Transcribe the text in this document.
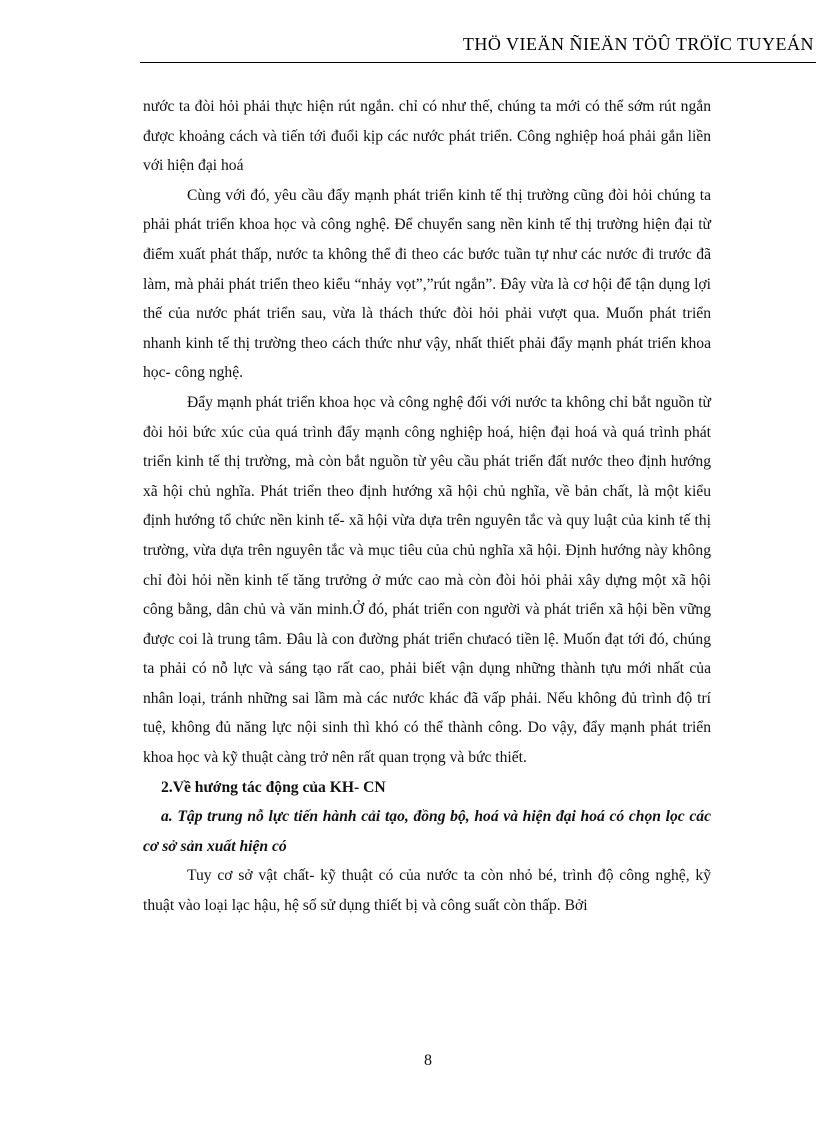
THÖ VIEÄN ÑIEÄN TÖÛ TRÖÏC TUYEÁN

nước ta đòi hỏi phải thực hiện rút ngắn. chỉ có như thế, chúng ta mới có thể sớm rút ngắn được khoảng cách và tiến tới đuổi kịp các nước phát triển. Công nghiệp hoá phải gắn liền với hiện đại hoá

Cùng với đó, yêu cầu đẩy mạnh phát triển kinh tế thị trường cũng đòi hỏi chúng ta phải phát triển khoa học và công nghệ. Để chuyển sang nền kinh tế thị trường hiện đại từ điểm xuất phát thấp, nước ta không thể đi theo các bước tuần tự như các nước đi trước đã làm, mà phải phát triển theo kiểu “nhảy vọt”,”rút ngắn”. Đây vừa là cơ hội để tận dụng lợi thế của nước phát triển sau, vừa là thách thức đòi hỏi phải vượt qua. Muốn phát triển nhanh kinh tế thị trường theo cách thức như vậy, nhất thiết phải đẩy mạnh phát triển khoa học- công nghệ.

Đẩy mạnh phát triển khoa học và công nghệ đối với nước ta không chỉ bắt nguồn từ đòi hỏi bức xúc của quá trình đẩy mạnh công nghiệp hoá, hiện đại hoá và quá trình phát triển kinh tế thị trường, mà còn bắt nguồn từ yêu cầu phát triển đất nước theo định hướng xã hội chủ nghĩa. Phát triển theo định hướng xã hội chủ nghĩa, về bản chất, là một kiểu định hướng tổ chức nền kinh tế- xã hội vừa dựa trên nguyên tắc và quy luật của kinh tế thị trường, vừa dựa trên nguyên tắc và mục tiêu của chủ nghĩa xã hội. Định hướng này không chỉ đòi hỏi nền kinh tế tăng trưởng ở mức cao mà còn đòi hỏi phải xây dựng một xã hội công bằng, dân chủ và văn minh.Ở đó, phát triển con người và phát triển xã hội bền vững được coi là trung tâm. Đâu là con đường phát triển chưacó tiền lệ. Muốn đạt tới đó, chúng ta phải có nỗ lực và sáng tạo rất cao, phải biết vận dụng những thành tựu mới nhất của nhân loại, tránh những sai lầm mà các nước khác đã vấp phải. Nếu không đủ trình độ trí tuệ, không đủ năng lực nội sinh thì khó có thể thành công. Do vậy, đẩy mạnh phát triển khoa học và kỹ thuật càng trở nên rất quan trọng và bức thiết.

2.Về hướng tác động của KH- CN

a. Tập trung nỗ lực tiến hành cải tạo, đồng bộ, hoá và hiện đại hoá có chọn lọc các cơ sở sản xuất hiện có

Tuy cơ sở vật chất- kỹ thuật có của nước ta còn nhỏ bé, trình độ công nghệ, kỹ thuật vào loại lạc hậu, hệ số sử dụng thiết bị và công suất còn thấp. Bởi

8
